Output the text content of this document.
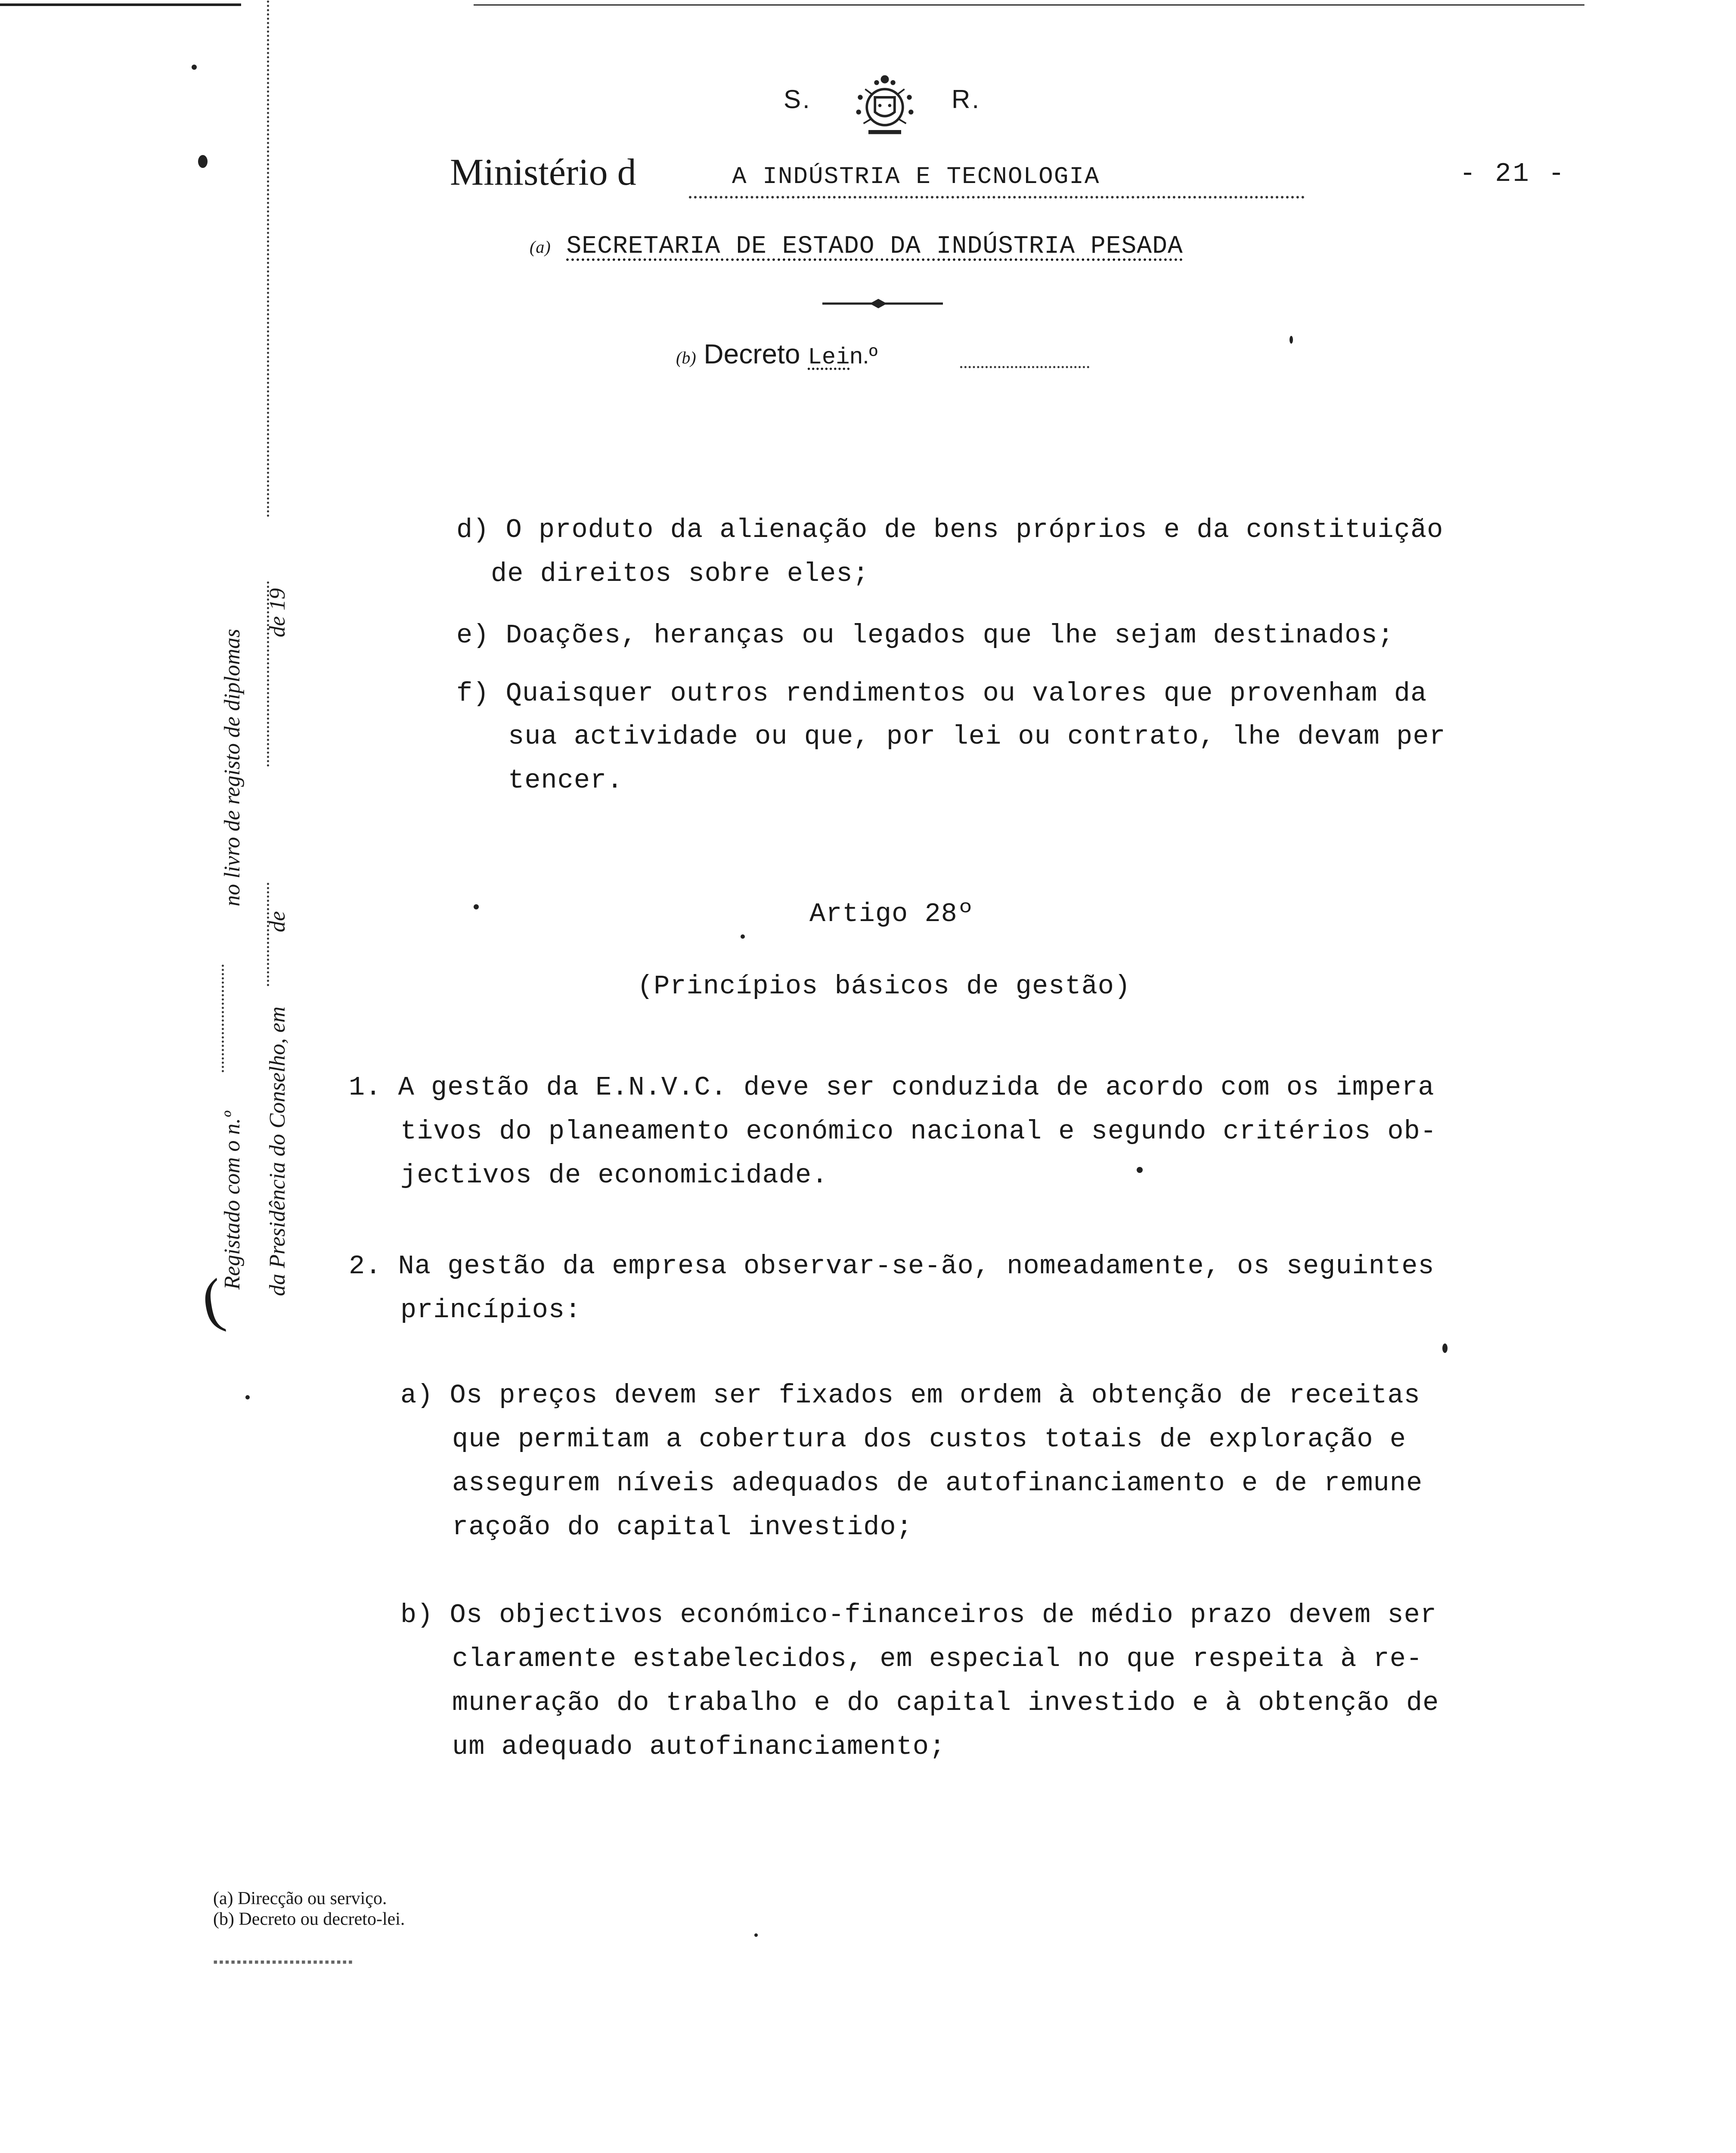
S.	R.
Ministério d	A INDÚSTRIA E TECNOLOGIA	- 21 -
(a) SECRETARIA DE ESTADO DA INDÚSTRIA PESADA
(b) Decreto Lein.º
Registado com o n.º
no livro de registo de diplomas
da Presidência do Conselho, em
de
de 19
(
d) O produto da alienação de bens próprios e da constituição
de direitos sobre eles;
e) Doações, heranças ou legados que lhe sejam destinados;
f) Quaisquer outros rendimentos ou valores que provenham da
sua actividade ou que, por lei ou contrato, lhe devam per
tencer.
Artigo 28º
(Princípios básicos de gestão)
1. A gestão da E.N.V.C. deve ser conduzida de acordo com os impera
tivos do planeamento económico nacional e segundo critérios ob-
jectivos de economicidade.
2. Na gestão da empresa observar-se-ão, nomeadamente, os seguintes
princípios:
a) Os preços devem ser fixados em ordem à obtenção de receitas
que permitam a cobertura dos custos totais de exploração e
assegurem níveis adequados de autofinanciamento e de remune
raçoão do capital investido;
b) Os objectivos económico-financeiros de médio prazo devem ser
claramente estabelecidos, em especial no que respeita à re-
muneração do trabalho e do capital investido e à obtenção de
um adequado autofinanciamento;
(a) Direcção ou serviço.
(b) Decreto ou decreto-lei.
▪▪▪▪▪▪▪▪▪▪▪▪▪▪▪▪▪▪▪▪▪▪▪▪
